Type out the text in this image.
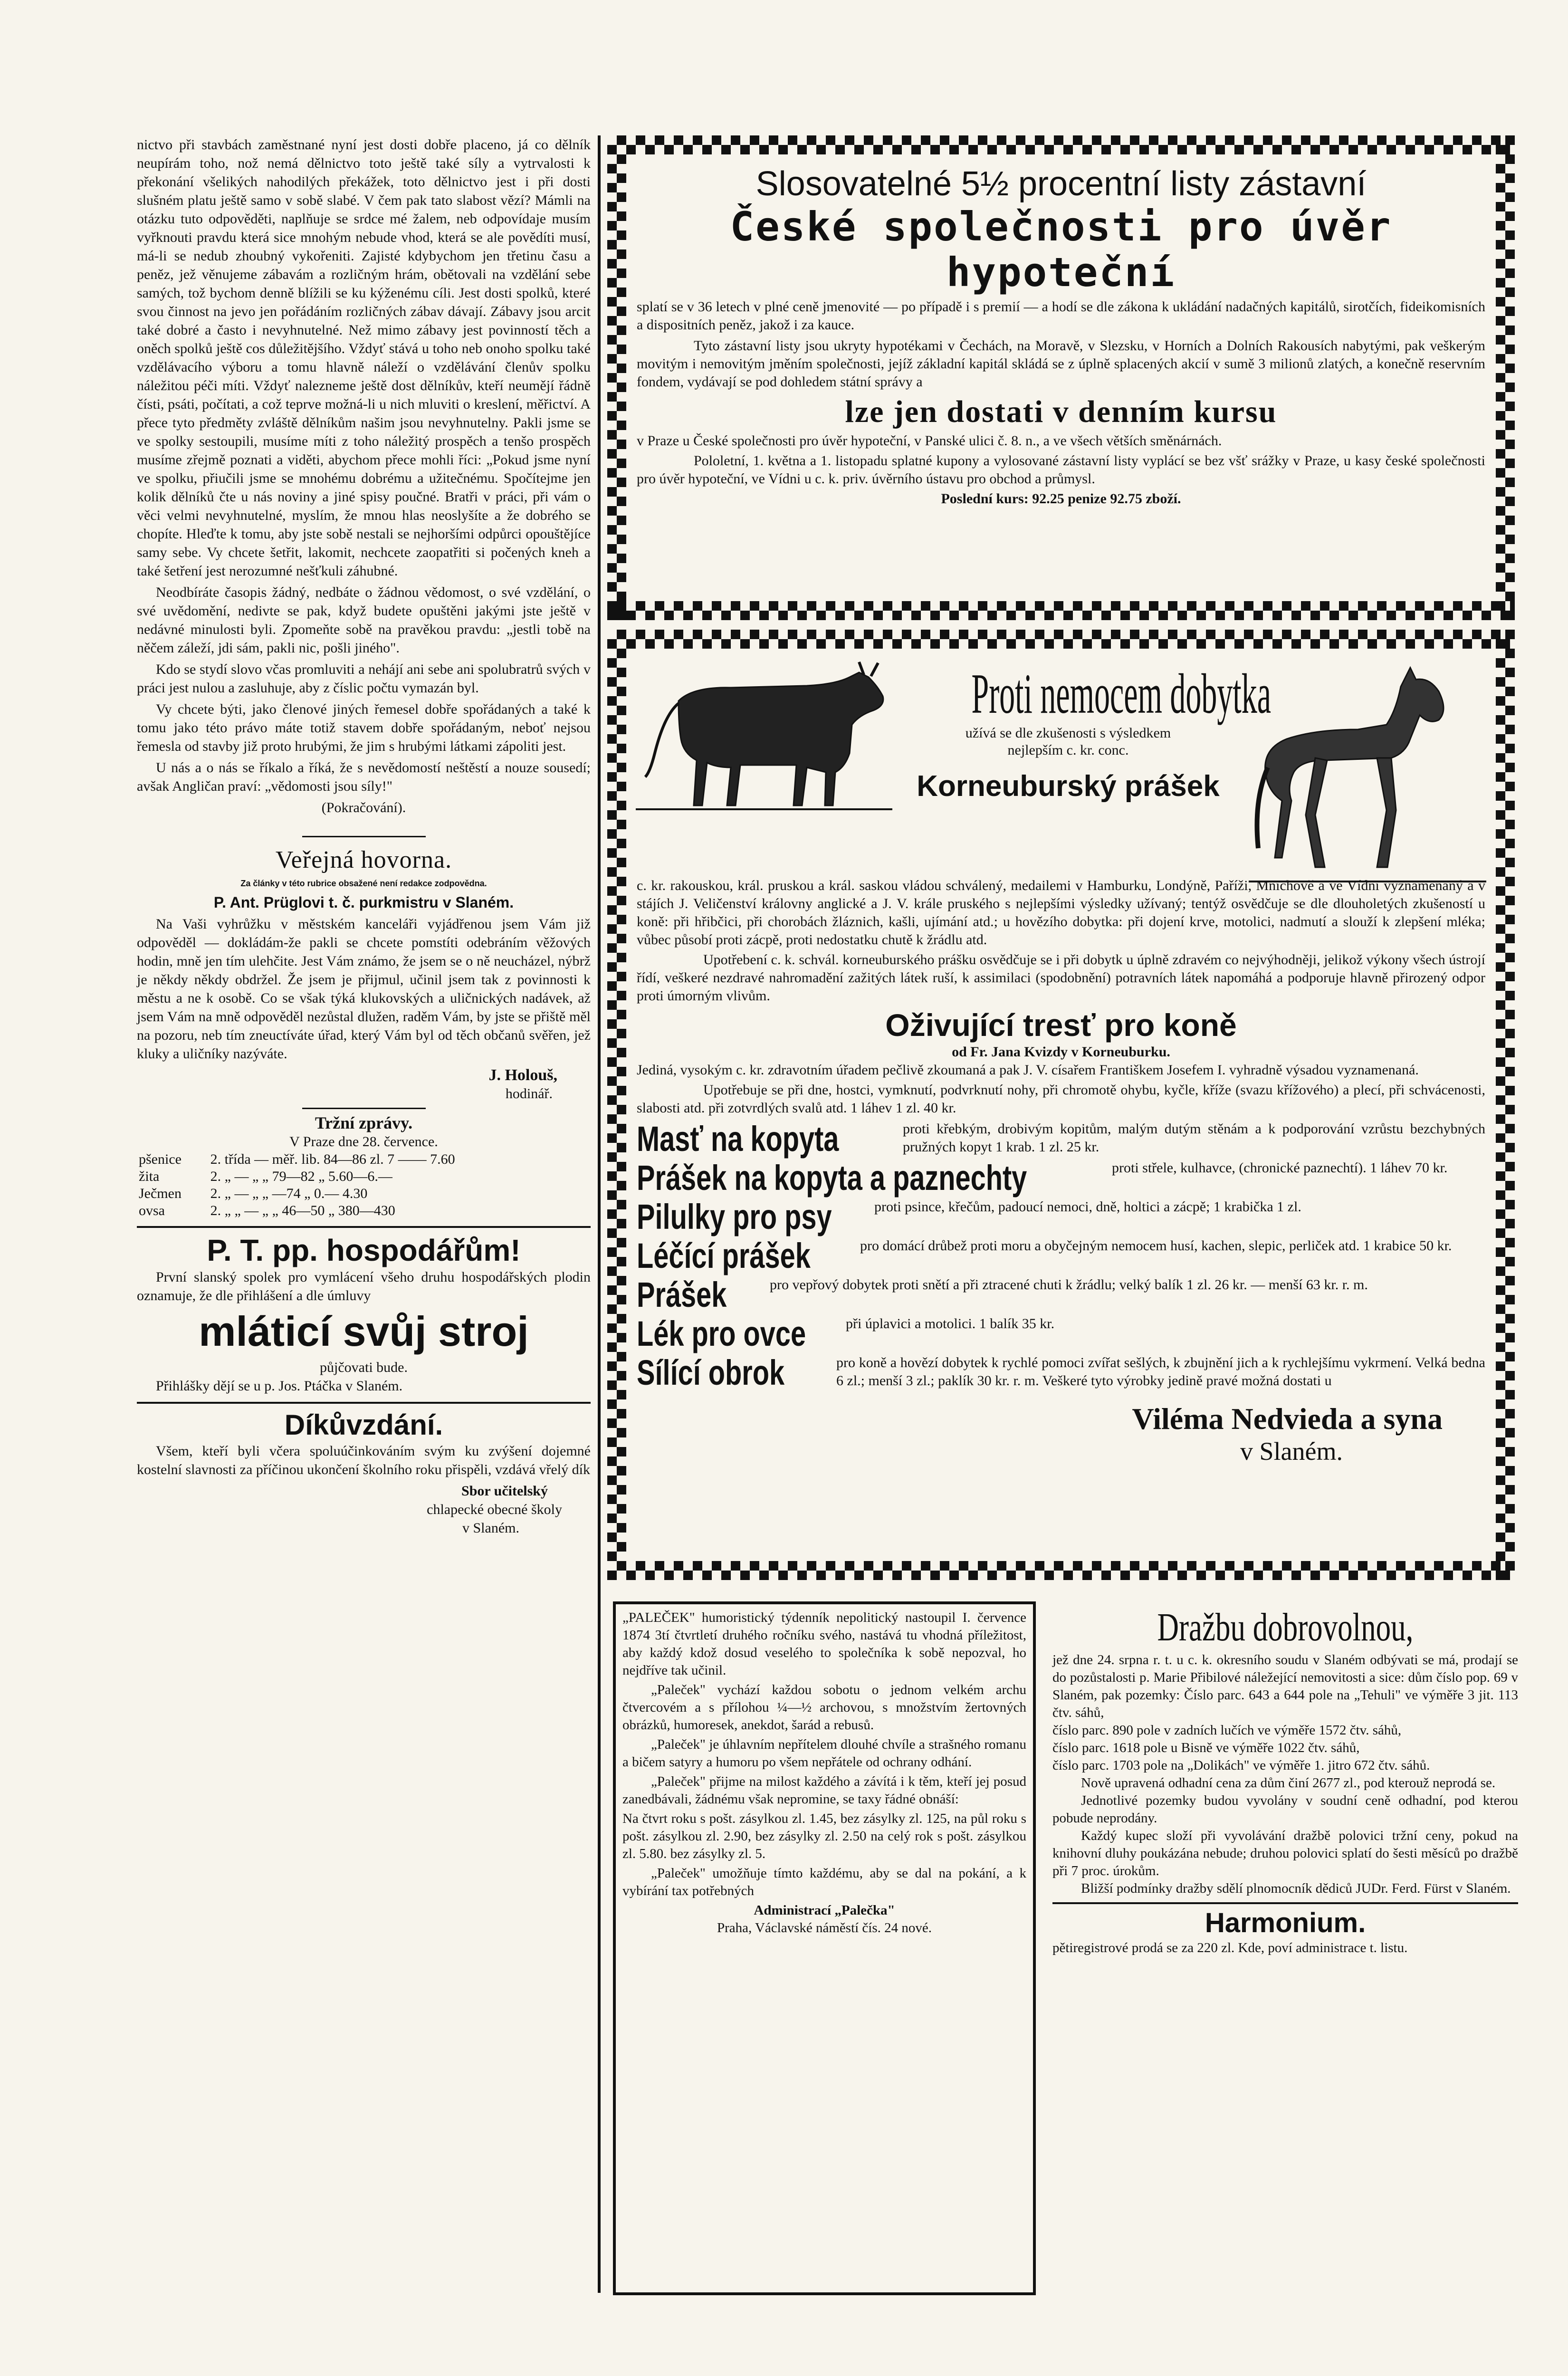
nictvo při stavbách zaměstnané nyní jest dosti dobře placeno, já co dělník neupírám toho, nož nemá dělnictvo toto ještě také síly a vytrvalosti k překonání všelikých nahodilých překážek, toto dělnictvo jest i při dosti slušném platu ještě samo v sobě slabé. V čem pak tato slabost vězí? Mámli na otázku tuto odpověděti, naplňuje se srdce mé žalem, neb odpovídaje musím vyřknouti pravdu která sice mnohým nebude vhod, která se ale povědíti musí, má-li se nedub zhoubný vykořeniti. Zajisté kdybychom jen třetinu času a peněz, jež věnujeme zábavám a rozličným hrám, obětovali na vzdělání sebe samých, tož bychom denně blížili se ku kýženému cíli. Jest dosti spolků, které svou činnost na jevo jen pořádáním rozličných zábav dávají. Zábavy jsou arcit také dobré a často i nevyhnutelné. Než mimo zábavy jest povinností těch a oněch spolků ještě cos důležitějšího. Vždyť stává u toho neb onoho spolku také vzdělávacího výboru a tomu hlavně náleží o vzdělávání členův spolku náležitou péči míti. Vždyť nalezneme ještě dost dělníkův, kteří neumějí řádně čísti, psáti, počítati, a což teprve možná-li u nich mluviti o kreslení, měřictví. A přece tyto předměty zvláště dělníkům našim jsou nevyhnutelny. Pakli jsme se ve spolky sestoupili, musíme míti z toho náležitý prospěch a tenšo prospěch musíme zřejmě poznati a viděti, abychom přece mohli říci: „Pokud jsme nyní ve spolku, přiučili jsme se mnohému dobrému a užitečnému. Spočítejme jen kolik dělníků čte u nás noviny a jiné spisy poučné. Bratři v práci, při vám o věci velmi nevyhnutelné, myslím, že mnou hlas neoslyšíte a že dobrého se chopíte. Hleďte k tomu, aby jste sobě nestali se nejhoršími odpůrci opouštějíce samy sebe. Vy chcete šetřit, lakomit, nechcete zaopatřiti si počených kneh a také šetření jest nerozumné nešťkuli záhubné.

Neodbíráte časopis žádný, nedbáte o žádnou vědomost, o své vzdělání, o své uvědomění, nedivte se pak, když budete opuštěni jakými jste ještě v nedávné minulosti byli. Zpomeňte sobě na pravěkou pravdu: „jestli tobě na něčem záleží, jdi sám, pakli nic, pošli jiného".

Kdo se stydí slovo včas promluviti a nehájí ani sebe ani spolubratrů svých v práci jest nulou a zasluhuje, aby z číslic počtu vymazán byl.

Vy chcete býti, jako členové jiných řemesel dobře spořádaných a také k tomu jako této právo máte totiž stavem dobře spořádaným, neboť nejsou řemesla od stavby již proto hrubými, že jim s hrubými látkami zápoliti jest.

U nás a o nás se říkalo a říká, že s nevědomostí neštěstí a nouze sousedí; avšak Angličan praví: „vědomosti jsou síly!"

(Pokračování).
Veřejná hovorna.
Za články v této rubrice obsažené není redakce zodpovědna.
P. Ant. Prüglovi t. č. purkmistru v Slaném.

Na Vaši vyhrůžku v městském kanceláři vyjádřenou jsem Vám již odpověděl — dokládám-že pakli se chcete pomstíti odebráním věžových hodin, mně jen tím ulehčite. Jest Vám známo, že jsem se o ně neucházel, nýbrž je někdy někdy obdržel. Že jsem je přijmul, učinil jsem tak z povinnosti k městu a ne k osobě. Co se však týká klukovských a uličnických nadávek, až jsem Vám na mně odpověděl nezůstal dlužen, raděm Vám, by jste se přiště měl na pozoru, neb tím zneuctíváte úřad, který Vám byl od těch občanů svěřen, jež kluky a uličníky nazýváte.

J. Holouš,
hodinář.
Tržní zprávy.
V Praze dne 28. července.
pšenice	2. třída — měř. lib. 84—86 zl. 7 —— 7.60
žita	2. „ — „ „ 79—82 „ 5.60—6.—
Ječmen	2. „ — „ „ —74 „ 0.— 4.30
ovsa	2. „ „ — „ „ 46—50 „ 380—430
P. T. pp. hospodářům!

První slanský spolek pro vymlácení všeho druhu hospodářských plodin oznamuje, že dle přihlášení a dle úmluvy

mláticí svůj stroj
půjčovati bude.

Přihlášky dějí se u p. Jos. Ptáčka v Slaném.

Díkůvzdání.

Všem, kteří byli včera spoluúčinkováním svým ku zvýšení dojemné kostelní slavnosti za příčinou ukončení školního roku přispěli, vzdává vřelý dík

Sbor učitelský
chlapecké obecné školy
v Slaném.
Slosovatelné 5½ procentní listy zástavní
České společnosti pro úvěr hypoteční

splatí se v 36 letech v plné ceně jmenovité — po případě i s premií — a hodí se dle zákona k ukládání nadačných kapitálů, sirotčích, fideikomisních a dispositních peněz, jakož i za kauce.

Tyto zástavní listy jsou ukryty hypotékami v Čechách, na Moravě, v Slezsku, v Horních a Dolních Rakousích nabytými, pak veškerým movitým i nemovitým jměním společnosti, jejíž základní kapitál skládá se z úplně splacených akcií v sumě 3 milionů zlatých, a konečně reservním fondem, vydávají se pod dohledem státní správy a

lze jen dostati v denním kursu

v Praze u České společnosti pro úvěr hypoteční, v Panské ulici č. 8. n., a ve všech větších směnárnách.

Pololetní, 1. května a 1. listopadu splatné kupony a vylosované zástavní listy vyplácí se bez všť srážky v Praze, u kasy české společnosti pro úvěr hypoteční, ve Vídni u c. k. priv. úvěrního ústavu pro obchod a průmysl.

Poslední kurs: 92.25 penize 92.75 zboží.
Proti nemocem dobytka
užívá se dle zkušenosti s výsledkem
nejlepším c. kr. conc.
Korneuburský prášek

c. kr. rakouskou, král. pruskou a král. saskou vládou schválený, medailemi v Hamburku, Londýně, Paříži, Mnichově a ve Vídni vyznamenaný a v stájích J. Veličenství královny anglické a J. V. krále pruského s nejlepšími výsledky užívaný; tentýž osvědčuje se dle dlouholetých zkušeností u koně: při hřibčici, při chorobách žláznich, kašli, ujímání atd.; u hovězího dobytka: při dojení krve, motolici, nadmutí a slouží k zlepšení mléka; vůbec působí proti zácpě, proti nedostatku chutě k žrádlu atd.

Upotřebení c. k. schvál. korneuburského prášku osvědčuje se i při dobytk u úplně zdravém co nejvýhodněji, jelikož výkony všech ústrojí řídí, veškeré nezdravé nahromadění zažitých látek ruší, k assimilaci (spodobnění) potravních látek napomáhá a podporuje hlavně přirozený odpor proti úmorným vlivům.

Oživující tresť pro koně
od Fr. Jana Kvizdy v Korneuburku.

Jediná, vysokým c. kr. zdravotním úřadem pečlivě zkoumaná a pak J. V. císařem Františkem Josefem I. vyhradně výsadou vyznamenaná.

Upotřebuje se při dne, hostci, vymknutí, podvrknutí nohy, při chromotě ohybu, kyčle, kříže (svazu křížového) a plecí, při schvácenosti, slabosti atd. při zotvrdlých svalů atd. 1 láhev 1 zl. 40 kr.

Masť na kopyta	proti křebkým, drobivým kopitům, malým dutým stěnám a k podporování vzrůstu bezchybných pružných kopyt 1 krab. 1 zl. 25 kr.
Prášek na kopyta a paznechty	proti střele, kulhavce, (chronické paznechtí). 1 láhev 70 kr.
Pilulky pro psy	proti psince, křečům, padoucí nemoci, dně, holtici a zácpě; 1 krabička 1 zl.
Léčící prášek	pro domácí drůbež proti moru a obyčejným nemocem husí, kachen, slepic, perliček atd. 1 krabice 50 kr.
Prášek	pro vepřový dobytek proti snětí a při ztracené chuti k žrádlu; velký balík 1 zl. 26 kr. — menší 63 kr. r. m.
Lék pro ovce	při úplavici a motolici. 1 balík 35 kr.
Sílící obrok	pro koně a hovězí dobytek k rychlé pomoci zvířat sešlých, k zbujnění jich a k rychlejšímu vykrmení. Velká bedna 6 zl.; menší 3 zl.; paklík 30 kr. r. m. Veškeré tyto výrobky jedině pravé možná dostati u
Viléma Nedvieda a syna
v Slaném.

„PALEČEK" humoristický týdenník nepolitický nastoupil I. července 1874 3tí čtvrtletí druhého ročníku svého, nastává tu vhodná příležitost, aby každý kdož dosud veselého to společníka k sobě nepozval, ho nejdříve tak učinil.

„Paleček" vychází každou sobotu o jednom velkém archu čtvercovém a s přílohou ¼—½ archovou, s množstvím žertovných obrázků, humoresek, anekdot, šarád a rebusů.

„Paleček" je úhlavním nepřítelem dlouhé chvíle a strašného romanu a bičem satyry a humoru po všem nepřátele od ochrany odhání.

„Paleček" přijme na milost každého a závítá i k těm, kteří jej posud zanedbávali, žádnému však nepromine, se taxy řádné obnáší:

Na čtvrt roku s pošt. zásylkou zl. 1.45, bez zásylky zl. 125, na půl roku s pošt. zásylkou zl. 2.90, bez zásylky zl. 2.50 na celý rok s pošt. zásylkou zl. 5.80. bez zásylky zl. 5.

„Paleček" umožňuje tímto každému, aby se dal na pokání, a k vybírání tax potřebných

Administrací „Palečka"
Praha, Václavské náměstí čís. 24 nové.
Dražbu dobrovolnou,

jež dne 24. srpna r. t. u c. k. okresního soudu v Slaném odbývati se má, prodají se do pozůstalosti p. Marie Přibilové náležející nemovitosti a sice: dům číslo pop. 69 v Slaném, pak pozemky: Číslo parc. 643 a 644 pole na „Tehuli" ve výměře 3 jit. 113 čtv. sáhů,

číslo parc. 890 pole v zadních lučích ve výměře 1572 čtv. sáhů,

číslo parc. 1618 pole u Bisně ve výměře 1022 čtv. sáhů,

číslo parc. 1703 pole na „Dolikách" ve výměře 1. jitro 672 čtv. sáhů.

Nově upravená odhadní cena za dům činí 2677 zl., pod kterouž neprodá se.

Jednotlivé pozemky budou vyvolány v soudní ceně odhadní, pod kterou pobude neprodány.

Každý kupec složí při vyvolávání dražbě polovici tržní ceny, pokud na knihovní dluhy poukázána nebude; druhou polovici splatí do šesti měsíců po dražbě při 7 proc. úrokům.

Bližší podmínky dražby sdělí plnomocník dědiců JUDr. Ferd. Fürst v Slaném.

Harmonium.

pětiregistrové prodá se za 220 zl. Kde, poví administrace t. listu.
